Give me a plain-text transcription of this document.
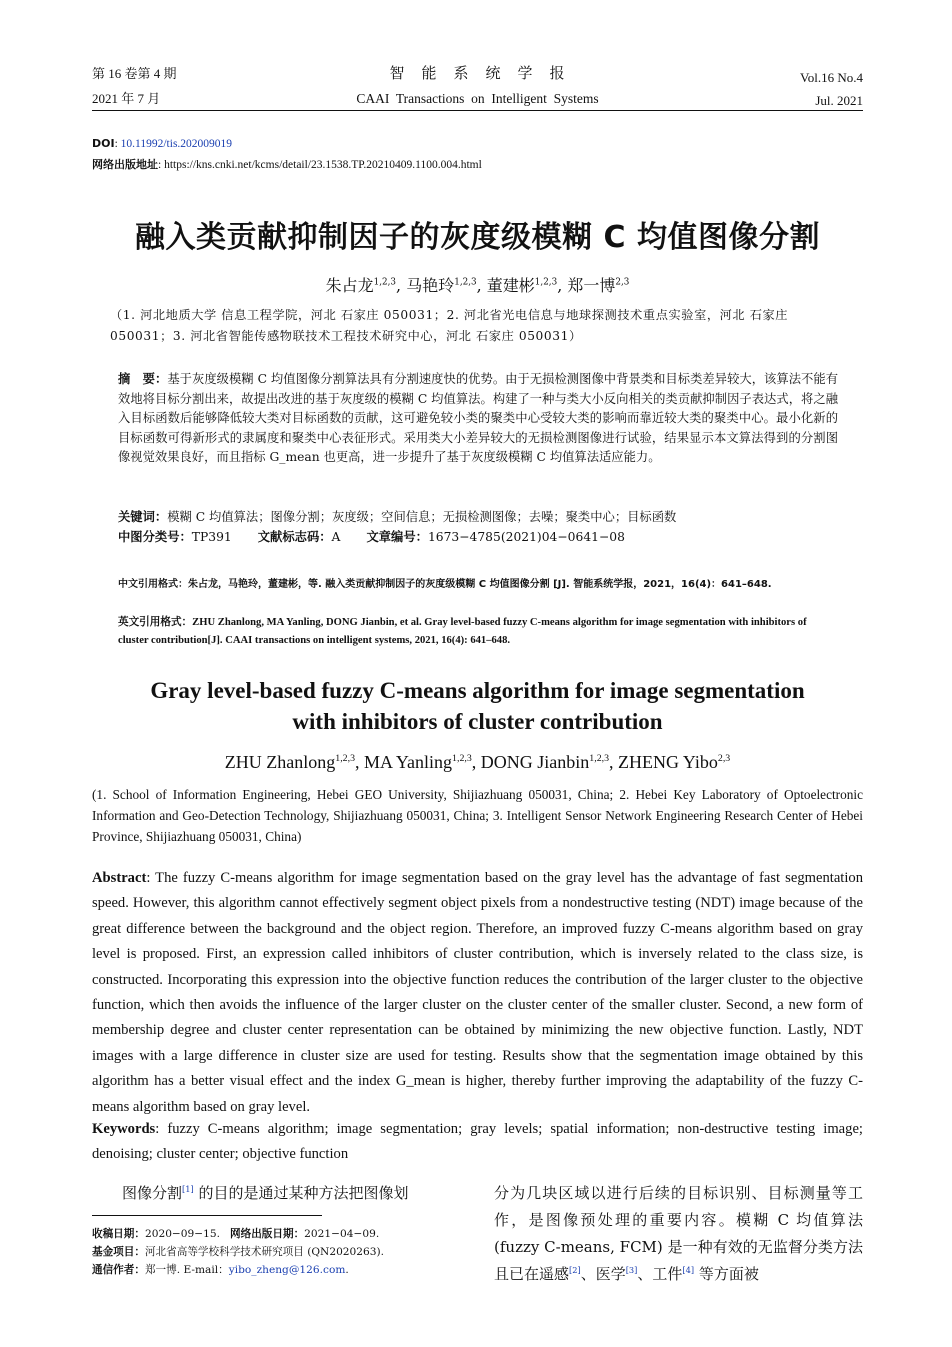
第 16 卷第 4 期
2021 年 7 月
智　能　系　统　学　报
CAAI  Transactions  on  Intelligent  Systems
Vol.16 No.4
Jul. 2021
DOI: 10.11992/tis.202009019
网络出版地址: https://kns.cnki.net/kcms/detail/23.1538.TP.20210409.1100.004.html
融入类贡献抑制因子的灰度级模糊 C 均值图像分割
朱占龙$^{1,2,3}$, 马艳玲$^{1,2,3}$, 董建彬$^{1,2,3}$, 郑一博$^{2,3}$
（1. 河北地质大学 信息工程学院，河北 石家庄 050031；2. 河北省光电信息与地球探测技术重点实验室，河北 石家庄 050031；3. 河北省智能传感物联技术工程技术研究中心，河北 石家庄 050031）
摘　要：基于灰度级模糊 C 均值图像分割算法具有分割速度快的优势。由于无损检测图像中背景类和目标类差异较大，该算法不能有效地将目标分割出来，故提出改进的基于灰度级的模糊 C 均值算法。构建了一种与类大小反向相关的类贡献抑制因子表达式，将之融入目标函数后能够降低较大类对目标函数的贡献，这可避免较小类的聚类中心受较大类的影响而靠近较大类的聚类中心。最小化新的目标函数可得新形式的隶属度和聚类中心表征形式。采用类大小差异较大的无损检测图像进行试验，结果显示本文算法得到的分割图像视觉效果良好，而且指标 G_mean 也更高，进一步提升了基于灰度级模糊 C 均值算法适应能力。
关键词：模糊 C 均值算法；图像分割；灰度级；空间信息；无损检测图像；去噪；聚类中心；目标函数
中图分类号：TP391 文献标志码：A 文章编号：1673−4785(2021)04−0641−08
中文引用格式：朱占龙，马艳玲，董建彬，等. 融入类贡献抑制因子的灰度级模糊 C 均值图像分割 [J]. 智能系统学报，2021，16(4)：641–648.
英文引用格式：ZHU Zhanlong, MA Yanling, DONG Jianbin, et al. Gray level-based fuzzy C-means algorithm for image segmentation with inhibitors of cluster contribution[J]. CAAI transactions on intelligent systems, 2021, 16(4): 641–648.
Gray level-based fuzzy C-means algorithm for image segmentation
with inhibitors of cluster contribution
ZHU Zhanlong$^{1,2,3}$, MA Yanling$^{1,2,3}$, DONG Jianbin$^{1,2,3}$, ZHENG Yibo$^{2,3}$
(1. School of Information Engineering, Hebei GEO University, Shijiazhuang 050031, China; 2. Hebei Key Laboratory of Optoelectronic Information and Geo-Detection Technology, Shijiazhuang 050031, China; 3. Intelligent Sensor Network Engineering Research Center of Hebei Province, Shijiazhuang 050031, China)
Abstract: The fuzzy C-means algorithm for image segmentation based on the gray level has the advantage of fast segmentation speed. However, this algorithm cannot effectively segment object pixels from a nondestructive testing (NDT) image because of the great difference between the background and the object region. Therefore, an improved fuzzy C-means algorithm based on gray level is proposed. First, an expression called inhibitors of cluster contribution, which is inversely related to the class size, is constructed. Incorporating this expression into the objective function reduces the contribution of the larger cluster to the objective function, which then avoids the influence of the larger cluster on the cluster center of the smaller cluster. Second, a new form of membership degree and cluster center representation can be obtained by minimizing the new objective function. Lastly, NDT images with a large difference in cluster size are used for testing. Results show that the segmentation image obtained by this algorithm has a better visual effect and the index G_mean is higher, thereby further improving the adaptability of the fuzzy C-means algorithm based on gray level.
Keywords: fuzzy C-means algorithm; image segmentation; gray levels; spatial information; non-destructive testing image; denoising; cluster center; objective function
图像分割[1] 的目的是通过某种方法把图像划	分为几块区域以进行后续的目标识别、目标测量等工作，是图像预处理的重要内容。模糊 C 均值算法 (fuzzy C-means, FCM) 是一种有效的无监督分类方法且已在遥感[2]、医学[3]、工件[4] 等方面被
收稿日期：2020−09−15. 网络出版日期：2021−04−09.
基金项目：河北省高等学校科学技术研究项目 (QN2020263).
通信作者：郑一博. E-mail：yibo_zheng@126.com.
